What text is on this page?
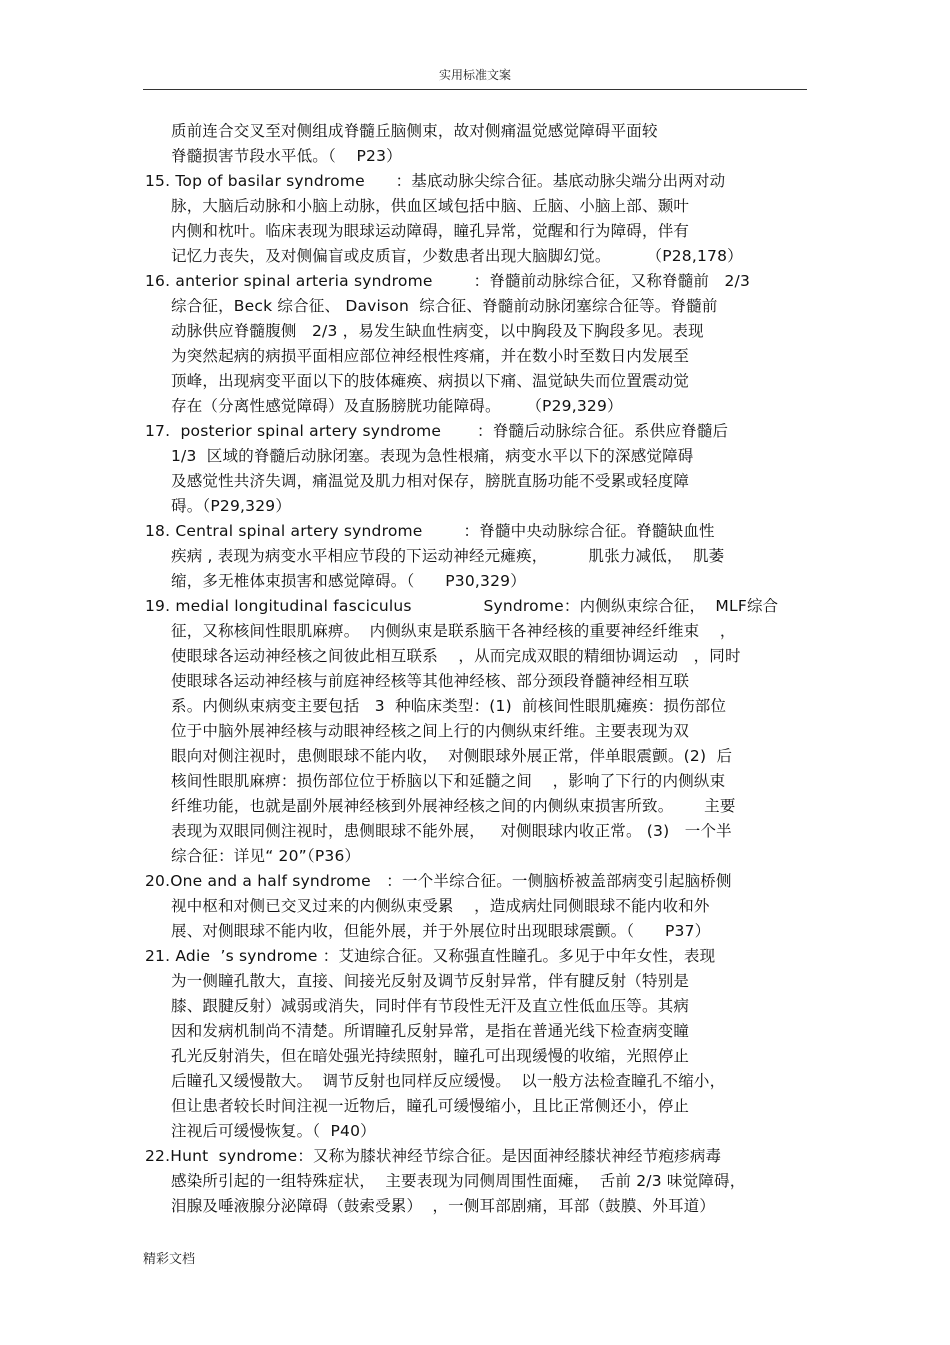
实用标准文案
质前连合交叉至对侧组成脊髓丘脑侧束，故对侧痛温觉感觉障碍平面较
脊髓损害节段水平低。（    P23）
15. Top of basilar syndrome      ：基底动脉尖综合征。基底动脉尖端分出两对动
脉，大脑后动脉和小脑上动脉，供血区域包括中脑、丘脑、小脑上部、颞叶
内侧和枕叶。临床表现为眼球运动障碍，瞳孔异常，觉醒和行为障碍，伴有
记忆力丧失，及对侧偏盲或皮质盲，少数患者出现大脑脚幻觉。       （P28,178）
16. anterior spinal arteria syndrome        ：脊髓前动脉综合征，又称脊髓前   2/3
综合征，Beck 综合征、 Davison  综合征、脊髓前动脉闭塞综合征等。脊髓前
动脉供应脊髓腹侧   2/3 ，易发生缺血性病变，以中胸段及下胸段多见。表现
为突然起病的病损平面相应部位神经根性疼痛，并在数小时至数日内发展至
顶峰，出现病变平面以下的肢体瘫痪、病损以下痛、温觉缺失而位置震动觉
存在（分离性感觉障碍）及直肠膀胱功能障碍。     （P29,329）
17.  posterior spinal artery syndrome       ：脊髓后动脉综合征。系供应脊髓后
1/3  区域的脊髓后动脉闭塞。表现为急性根痛，病变水平以下的深感觉障碍
及感觉性共济失调，痛温觉及肌力相对保存，膀胱直肠功能不受累或轻度障
碍。（P29,329）
18. Central spinal artery syndrome        ：脊髓中央动脉综合征。脊髓缺血性
疾病 , 表现为病变水平相应节段的下运动神经元瘫痪，        肌张力减低，  肌萎
缩，多无椎体束损害和感觉障碍。（      P30,329）
19. medial longitudinal fasciculus              Syndrome：内侧纵束综合征，  MLF综合
征，又称核间性眼肌麻痹。  内侧纵束是联系脑干各神经核的重要神经纤维束    ，
使眼球各运动神经核之间彼此相互联系    ，从而完成双眼的精细协调运动   ，同时
使眼球各运动神经核与前庭神经核等其他神经核、部分颈段脊髓神经相互联
系。内侧纵束病变主要包括   3  种临床类型：(1)  前核间性眼肌瘫痪：损伤部位
位于中脑外展神经核与动眼神经核之间上行的内侧纵束纤维。主要表现为双
眼向对侧注视时，患侧眼球不能内收，  对侧眼球外展正常，伴单眼震颤。(2)  后
核间性眼肌麻痹：损伤部位位于桥脑以下和延髓之间    ，影响了下行的内侧纵束
纤维功能，也就是副外展神经核到外展神经核之间的内侧纵束损害所致。      主要
表现为双眼同侧注视时，患侧眼球不能外展，   对侧眼球内收正常。 (3)   一个半
综合征：详见“ 20”（P36）
20.One and a half syndrome   ：一个半综合征。一侧脑桥被盖部病变引起脑桥侧
视中枢和对侧已交叉过来的内侧纵束受累    ，造成病灶同侧眼球不能内收和外
展、对侧眼球不能内收，但能外展，并于外展位时出现眼球震颤。（      P37）
21. Adie  ’s syndrome ：艾迪综合征。又称强直性瞳孔。多见于中年女性，表现
为一侧瞳孔散大，直接、间接光反射及调节反射异常，伴有腱反射（特别是
膝、跟腱反射）减弱或消失，同时伴有节段性无汗及直立性低血压等。其病
因和发病机制尚不清楚。所谓瞳孔反射异常，是指在普通光线下检查病变瞳
孔光反射消失，但在暗处强光持续照射，瞳孔可出现缓慢的收缩，光照停止
后瞳孔又缓慢散大。  调节反射也同样反应缓慢。  以一般方法检查瞳孔不缩小，
但让患者较长时间注视一近物后，瞳孔可缓慢缩小，且比正常侧还小，停止
注视后可缓慢恢复。（  P40）
22.Hunt  syndrome：又称为膝状神经节综合征。是因面神经膝状神经节疱疹病毒
感染所引起的一组特殊症状，  主要表现为同侧周围性面瘫，  舌前 2/3 味觉障碍，
泪腺及唾液腺分泌障碍（鼓索受累）  ，一侧耳部剧痛，耳部（鼓膜、外耳道）
精彩文档
